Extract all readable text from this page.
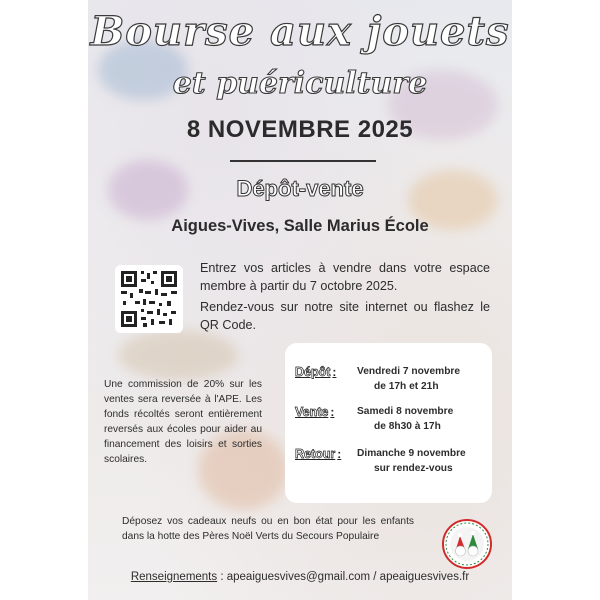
Bourse aux jouets
et puériculture
8 NOVEMBRE 2025
Dépôt-vente
Aigues-Vives, Salle Marius École

Entrez vos articles à vendre dans votre espace membre à partir du 7 octobre 2025.

Rendez-vous sur notre site internet ou flashez le QR Code.

Une commission de 20% sur les ventes sera reversée à l'APE. Les fonds récoltés seront entièrement reversés aux écoles pour aider au financement des loisirs et sorties scolaires.
Dépôt : Vendredi 7 novembre
de 17h et 21h
Vente : Samedi 8 novembre
de 8h30 à 17h
Retour : Dimanche 9 novembre
sur rendez-vous
Déposez vos cadeaux neufs ou en bon état pour les enfants dans la hotte des Pères Noël Verts du Secours Populaire
Renseignements : apeaiguesvives@gmail.com / apeaiguesvives.fr
